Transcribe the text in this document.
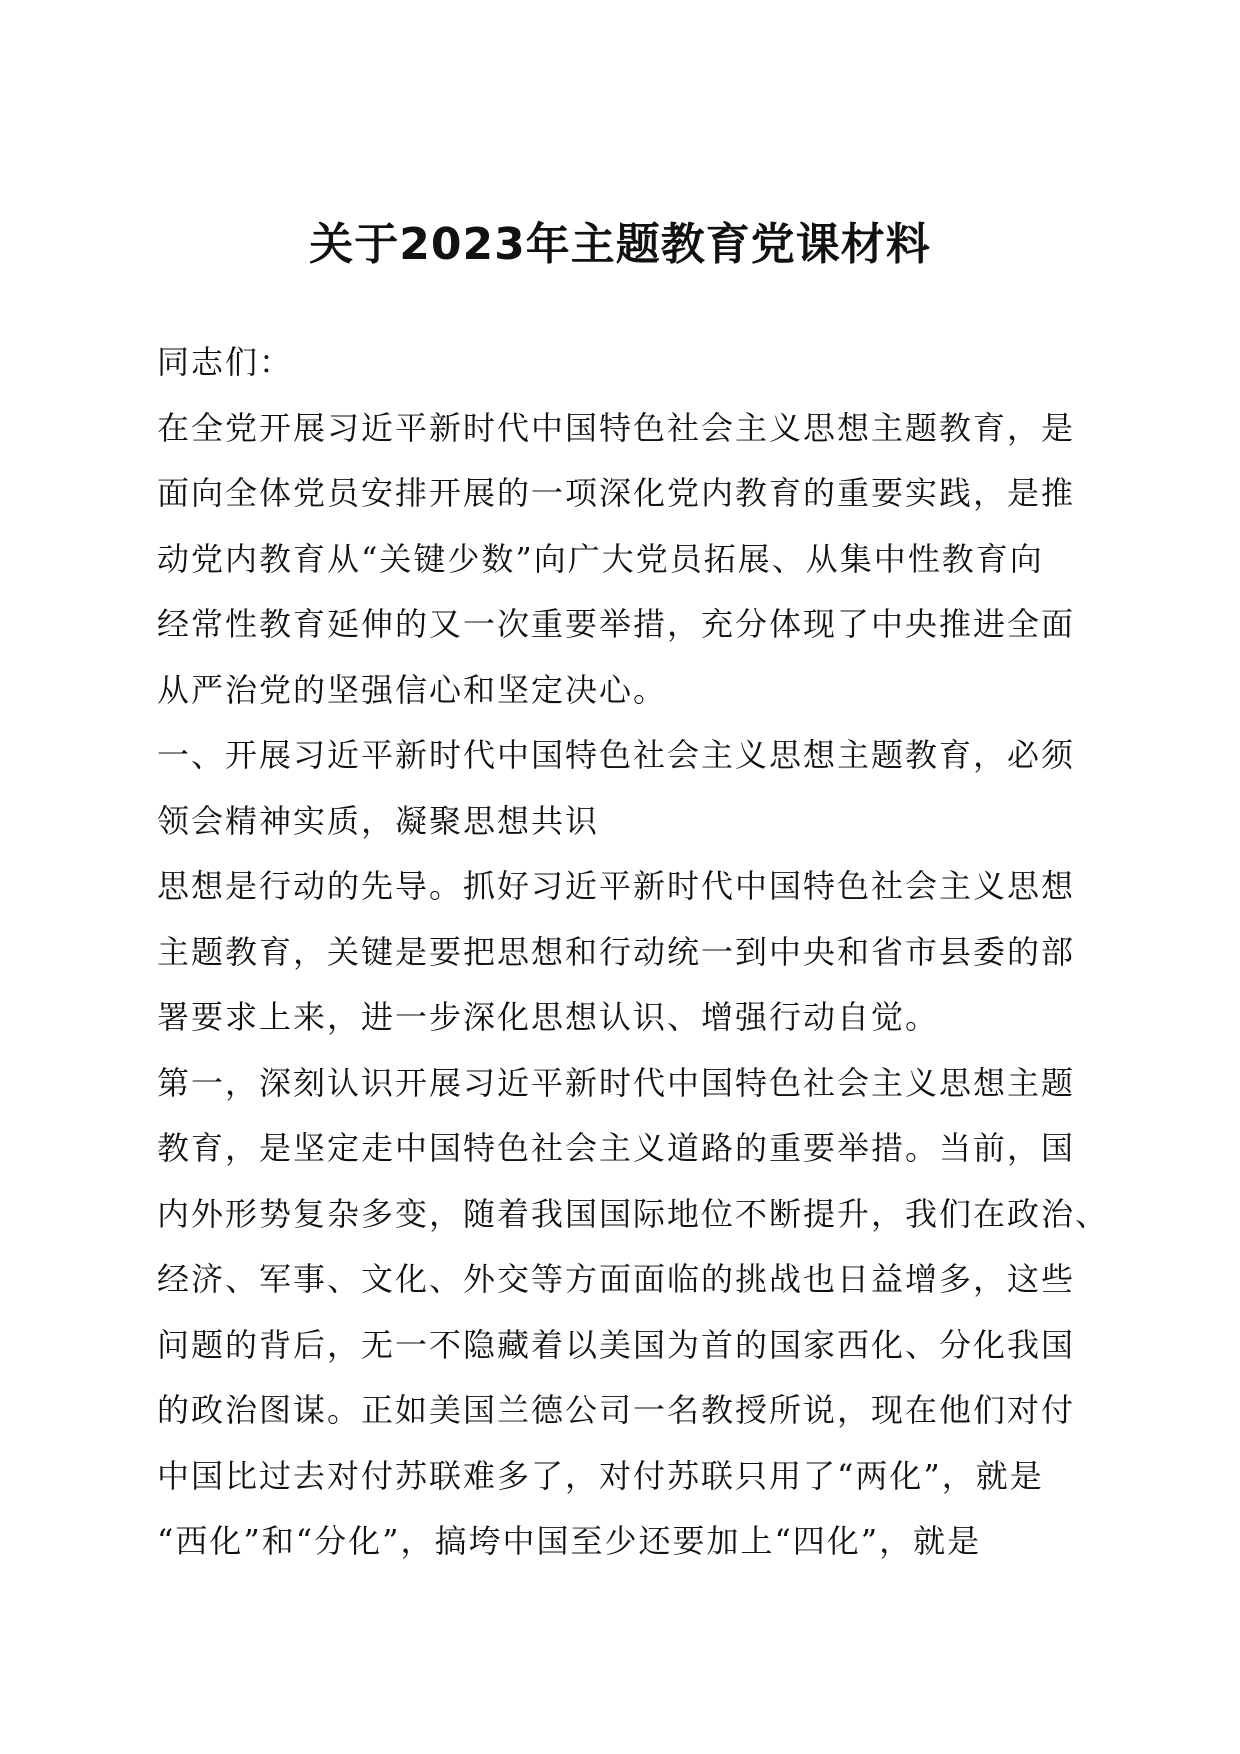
关于2023年主题教育党课材料
同志们：
在全党开展习近平新时代中国特色社会主义思想主题教育，是
面向全体党员安排开展的一项深化党内教育的重要实践，是推
动党内教育从“关键少数”向广大党员拓展、从集中性教育向
经常性教育延伸的又一次重要举措，充分体现了中央推进全面
从严治党的坚强信心和坚定决心。
一、开展习近平新时代中国特色社会主义思想主题教育，必须
领会精神实质，凝聚思想共识
思想是行动的先导。抓好习近平新时代中国特色社会主义思想
主题教育，关键是要把思想和行动统一到中央和省市县委的部
署要求上来，进一步深化思想认识、增强行动自觉。
第一，深刻认识开展习近平新时代中国特色社会主义思想主题
教育，是坚定走中国特色社会主义道路的重要举措。当前，国
内外形势复杂多变，随着我国国际地位不断提升，我们在政治、
经济、军事、文化、外交等方面面临的挑战也日益增多，这些
问题的背后，无一不隐藏着以美国为首的国家西化、分化我国
的政治图谋。正如美国兰德公司一名教授所说，现在他们对付
中国比过去对付苏联难多了，对付苏联只用了“两化”，就是
“西化”和“分化”，搞垮中国至少还要加上“四化”，就是
